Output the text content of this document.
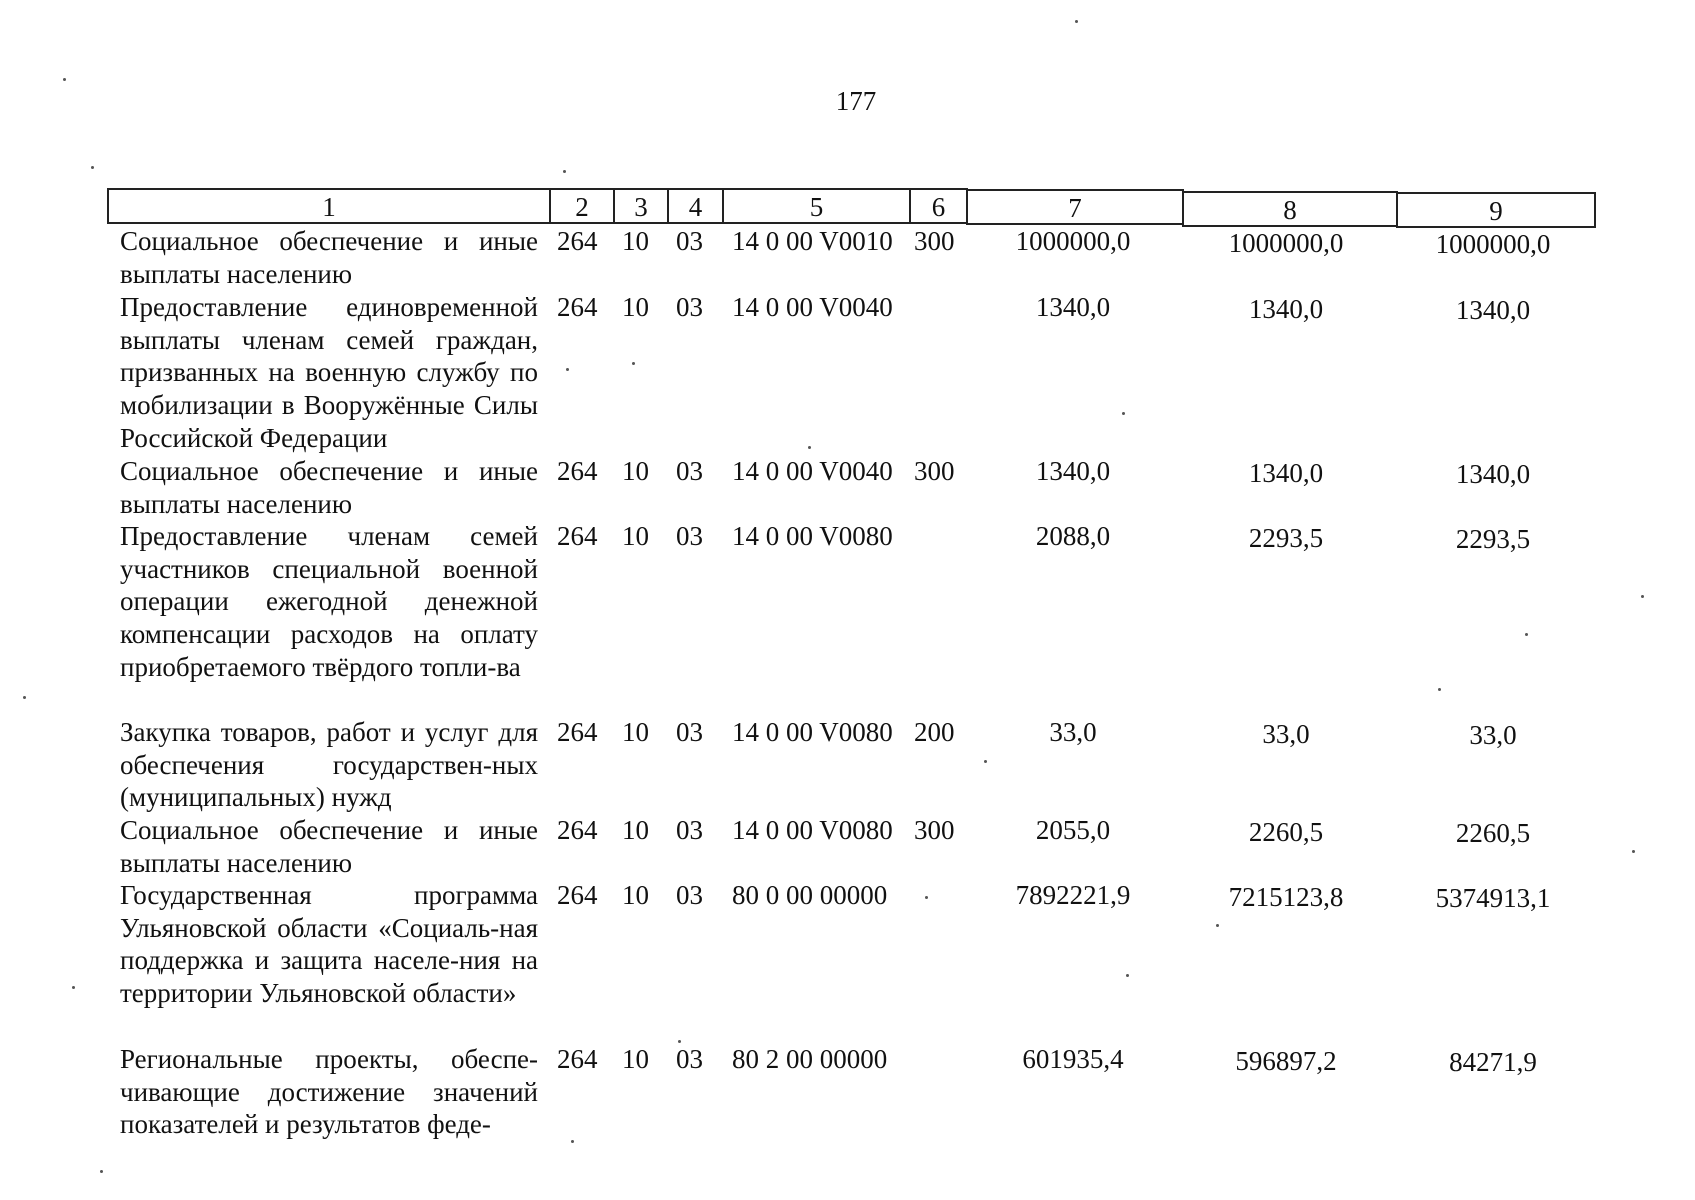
177
1	2	3	4	5	6	7	8	9
Социальное обеспечение и иные выплаты населению
264 10 03 14 0 00 V0010 300	1000000,0	1000000,0	1000000,0
Предоставление единовременной выплаты членам семей граждан, призванных на военную службу по мобилизации в Вооружённые Силы Российской Федерации
264 10 03 14 0 00 V0040	1340,0	1340,0	1340,0
Социальное обеспечение и иные выплаты населению
264 10 03 14 0 00 V0040 300	1340,0	1340,0	1340,0
Предоставление членам семей участников специальной военной операции ежегодной денежной компенсации расходов на оплату приобретаемого твёрдого топли-ва
264 10 03 14 0 00 V0080	2088,0	2293,5	2293,5
Закупка товаров, работ и услуг для обеспечения государствен-ных (муниципальных) нужд
264 10 03 14 0 00 V0080 200	33,0	33,0	33,0
Социальное обеспечение и иные выплаты населению
264 10 03 14 0 00 V0080 300	2055,0	2260,5	2260,5
Государственная программа Ульяновской области «Социаль-ная поддержка и защита населе-ния на территории Ульяновской области»
264 10 03 80 0 00 00000	7892221,9	7215123,8	5374913,1
Региональные проекты, обеспе-чивающие достижение значений показателей и результатов феде-
264 10 03 80 2 00 00000	601935,4	596897,2	84271,9
